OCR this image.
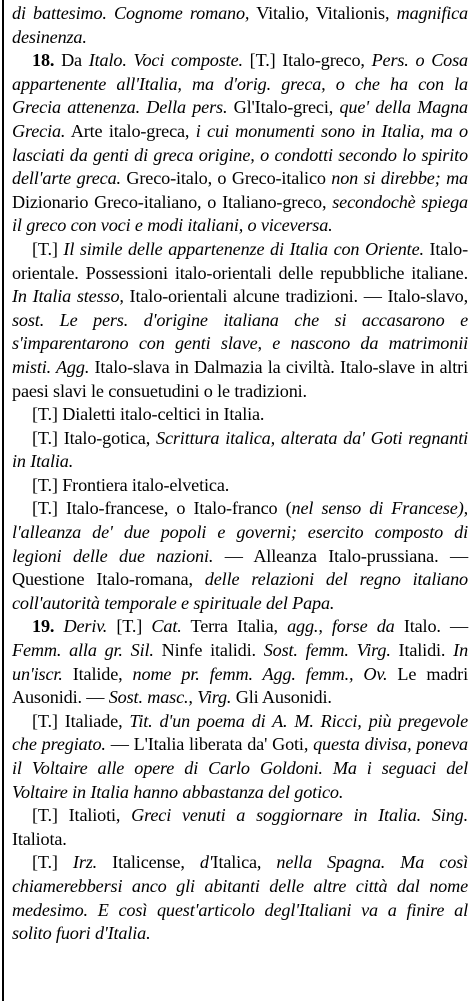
di battesimo. Cognome romano, Vitalio, Vitalionis, magnifica desinenza.

18. Da Italo. Voci composte. [T.] Italo-greco, Pers. o Cosa appartenente all'Italia, ma d'orig. greca, o che ha con la Grecia attenenza. Della pers. Gl'Italo-greci, que' della Magna Grecia. Arte italo-greca, i cui monumenti sono in Italia, ma o lasciati da genti di greca origine, o condotti secondo lo spirito dell'arte greca. Greco-italo, o Greco-italico non si direbbe; ma Dizionario Greco-italiano, o Italiano-greco, secondochè spiega il greco con voci e modi italiani, o viceversa.

[T.] Il simile delle appartenenze di Italia con Oriente. Italo-orientale. Possessioni italo-orientali delle repubbliche italiane. In Italia stesso, Italo-orientali alcune tradizioni. — Italo-slavo, sost. Le pers. d'origine italiana che si accasarono e s'imparentarono con genti slave, e nascono da matrimonii misti. Agg. Italo-slava in Dalmazia la civiltà. Italo-slave in altri paesi slavi le consuetudini o le tradizioni.

[T.] Dialetti italo-celtici in Italia.

[T.] Italo-gotica, Scrittura italica, alterata da' Goti regnanti in Italia.

[T.] Frontiera italo-elvetica.

[T.] Italo-francese, o Italo-franco (nel senso di Francese), l'alleanza de' due popoli e governi; esercito composto di legioni delle due nazioni. — Alleanza Italo-prussiana. — Questione Italo-romana, delle relazioni del regno italiano coll'autorità temporale e spirituale del Papa.

19. Deriv. [T.] Cat. Terra Italia, agg., forse da Italo. — Femm. alla gr. Sil. Ninfe italidi. Sost. femm. Virg. Italidi. In un'iscr. Italide, nome pr. femm. Agg. femm., Ov. Le madri Ausonidi. — Sost. masc., Virg. Gli Ausonidi.

[T.] Italiade, Tit. d'un poema di A. M. Ricci, più pregevole che pregiato. — L'Italia liberata da' Goti, questa divisa, poneva il Voltaire alle opere di Carlo Goldoni. Ma i seguaci del Voltaire in Italia hanno abbastanza del gotico.

[T.] Italioti, Greci venuti a soggiornare in Italia. Sing. Italiota.

[T.] Irz. Italicense, d'Italica, nella Spagna. Ma così chiamerebbersi anco gli abitanti delle altre città dal nome medesimo. E così quest'articolo degl'Italiani va a finire al solito fuori d'Italia.
